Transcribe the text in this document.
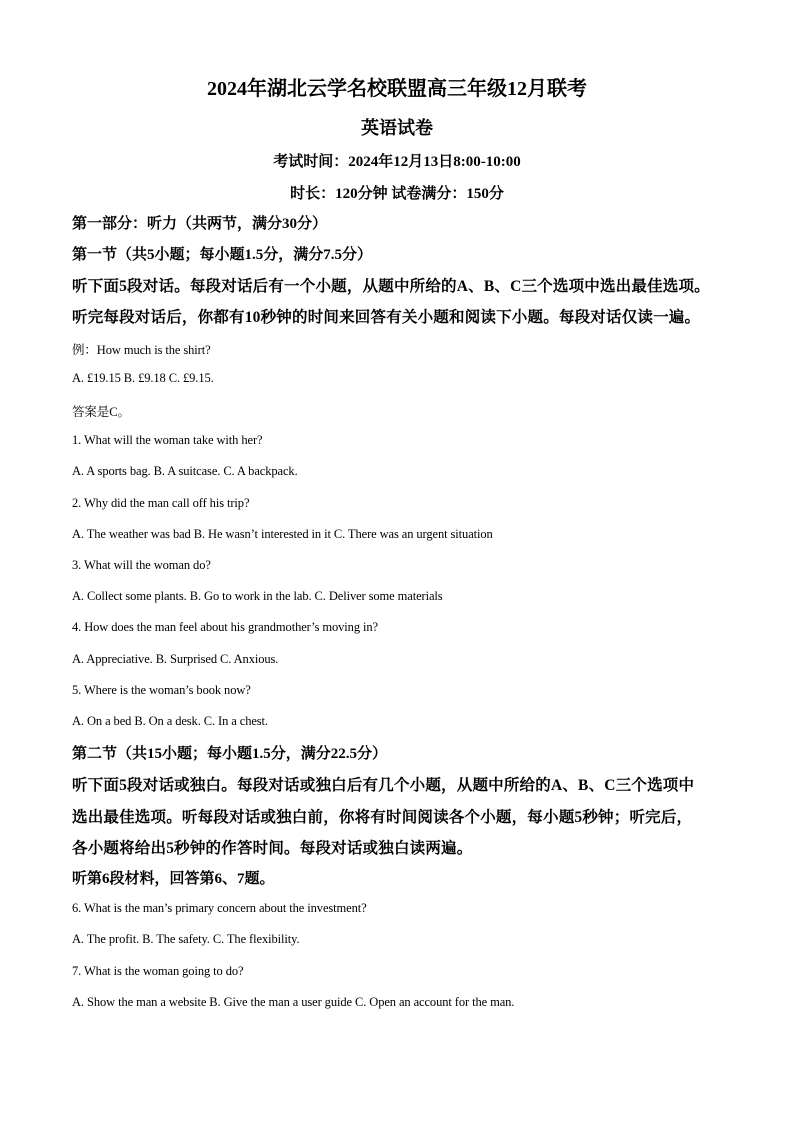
2024年湖北云学名校联盟高三年级12月联考
英语试卷
考试时间：2024年12月13日8:00-10:00
时长：120分钟 试卷满分：150分
第一部分：听力（共两节，满分30分）
第一节（共5小题；每小题1.5分，满分7.5分）
听下面5段对话。每段对话后有一个小题，从题中所给的A、B、C三个选项中选出最佳选项。
听完每段对话后，你都有10秒钟的时间来回答有关小题和阅读下小题。每段对话仅读一遍。
例：How much is the shirt?
A. £19.15 B. £9.18 C. £9.15.
答案是C。
1. What will the woman take with her?
A. A sports bag. B. A suitcase. C. A backpack.
2. Why did the man call off his trip?
A. The weather was bad B. He wasn’t interested in it C. There was an urgent situation
3. What will the woman do?
A. Collect some plants. B. Go to work in the lab. C. Deliver some materials
4. How does the man feel about his grandmother’s moving in?
A. Appreciative. B. Surprised C. Anxious.
5. Where is the woman’s book now?
A. On a bed B. On a desk. C. In a chest.
第二节（共15小题；每小题1.5分，满分22.5分）
听下面5段对话或独白。每段对话或独白后有几个小题，从题中所给的A、B、C三个选项中
选出最佳选项。听每段对话或独白前，你将有时间阅读各个小题，每小题5秒钟；听完后，
各小题将给出5秒钟的作答时间。每段对话或独白读两遍。
听第6段材料，回答第6、7题。
6. What is the man’s primary concern about the investment?
A. The profit. B. The safety. C. The flexibility.
7. What is the woman going to do?
A. Show the man a website B. Give the man a user guide C. Open an account for the man.
